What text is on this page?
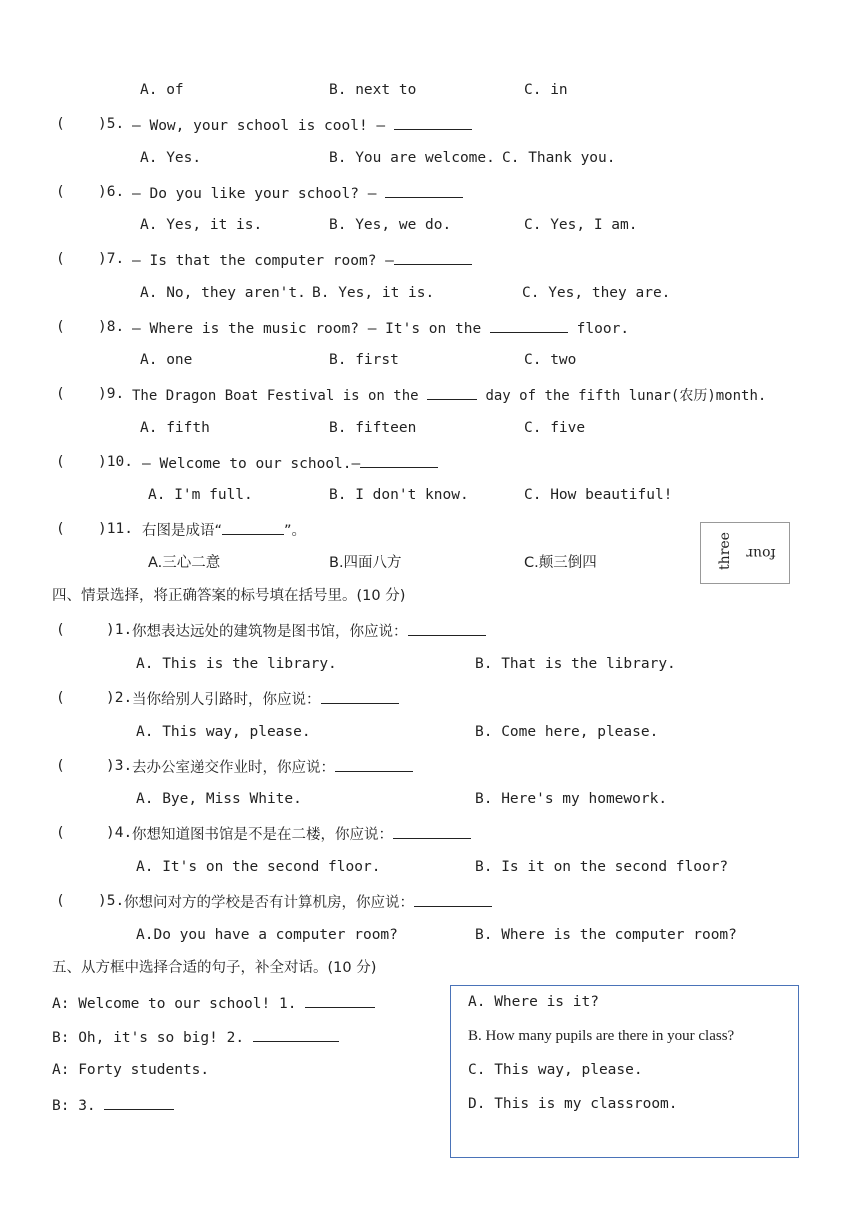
A. of	B. next to	C. in
( )5. — Wow, your school is cool! —
A. Yes.	B. You are welcome. C. Thank you.
( )6. — Do you like your school? —
A. Yes, it is.	B. Yes, we do.	C. Yes, I am.
( )7. — Is that the computer room? —
A. No, they aren't. B. Yes, it is.	C. Yes, they are.
( )8. — Where is the music room? — It's on the	floor.
A. one	B. first	C. two
( )9. The Dragon Boat Festival is on the	day of the fifth lunar(农历)month.
A. fifth	B. fifteen	C. five
( )10. — Welcome to our school.—
A. I'm full.	B. I don't know.	C. How beautiful!
( )11. 右图是成语“	”。
A.三心二意	B.四面八方	C.颠三倒四	three four
四、情景选择，将正确答案的标号填在括号里。(10 分)
(	)1. 你想表达远处的建筑物是图书馆，你应说：
A. This is the library.	B. That is the library.
(	)2. 当你给别人引路时，你应说：
A. This way, please.	B. Come here, please.
(	)3. 去办公室递交作业时，你应说：
A. Bye, Miss White.	B. Here's my homework.
(	)4. 你想知道图书馆是不是在二楼，你应说：
A. It's on the second floor.	B. Is it on the second floor?
( )5. 你想问对方的学校是否有计算机房，你应说：
A.Do you have a computer room?	B. Where is the computer room?
五、从方框中选择合适的句子，补全对话。(10 分)
A: Welcome to our school! 1.
B: Oh, it's so big! 2.
A: Forty students.
B: 3.
A. Where is it?
B. How many pupils are there in your class?
C. This way, please.
D. This is my classroom.
